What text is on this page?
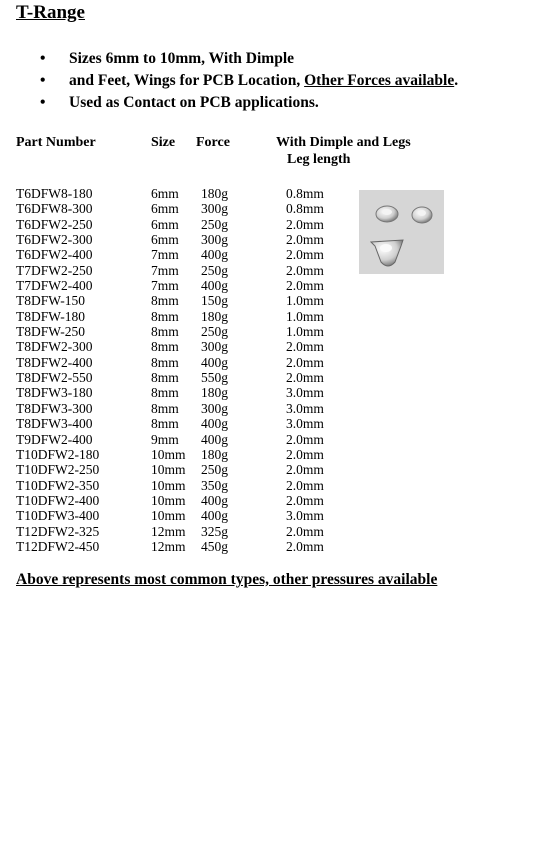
T-Range
• Sizes 6mm to 10mm, With Dimple
• and Feet, Wings for PCB Location, Other Forces available.
• Used as Contact on PCB applications.
Part Number	Size Force	With Dimple and Legs
Leg length
T6DFW8-180	6mm 180g	0.8mm
T6DFW8-300	6mm 300g	0.8mm
T6DFW2-250	6mm 250g	2.0mm
T6DFW2-300	6mm 300g	2.0mm
T6DFW2-400	7mm 400g	2.0mm
T7DFW2-250	7mm 250g	2.0mm
T7DFW2-400	7mm 400g	2.0mm
T8DFW-150	8mm 150g	1.0mm
T8DFW-180	8mm 180g	1.0mm
T8DFW-250	8mm 250g	1.0mm
T8DFW2-300	8mm 300g	2.0mm
T8DFW2-400	8mm 400g	2.0mm
T8DFW2-550	8mm 550g	2.0mm
T8DFW3-180	8mm 180g	3.0mm
T8DFW3-300	8mm 300g	3.0mm
T8DFW3-400	8mm 400g	3.0mm
T9DFW2-400	9mm 400g	2.0mm
T10DFW2-180	10mm 180g	2.0mm
T10DFW2-250	10mm 250g	2.0mm
T10DFW2-350	10mm 350g	2.0mm
T10DFW2-400	10mm 400g	2.0mm
T10DFW3-400	10mm 400g	3.0mm
T12DFW2-325	12mm 325g	2.0mm
T12DFW2-450	12mm 450g	2.0mm

Above represents most common types, other pressures available
